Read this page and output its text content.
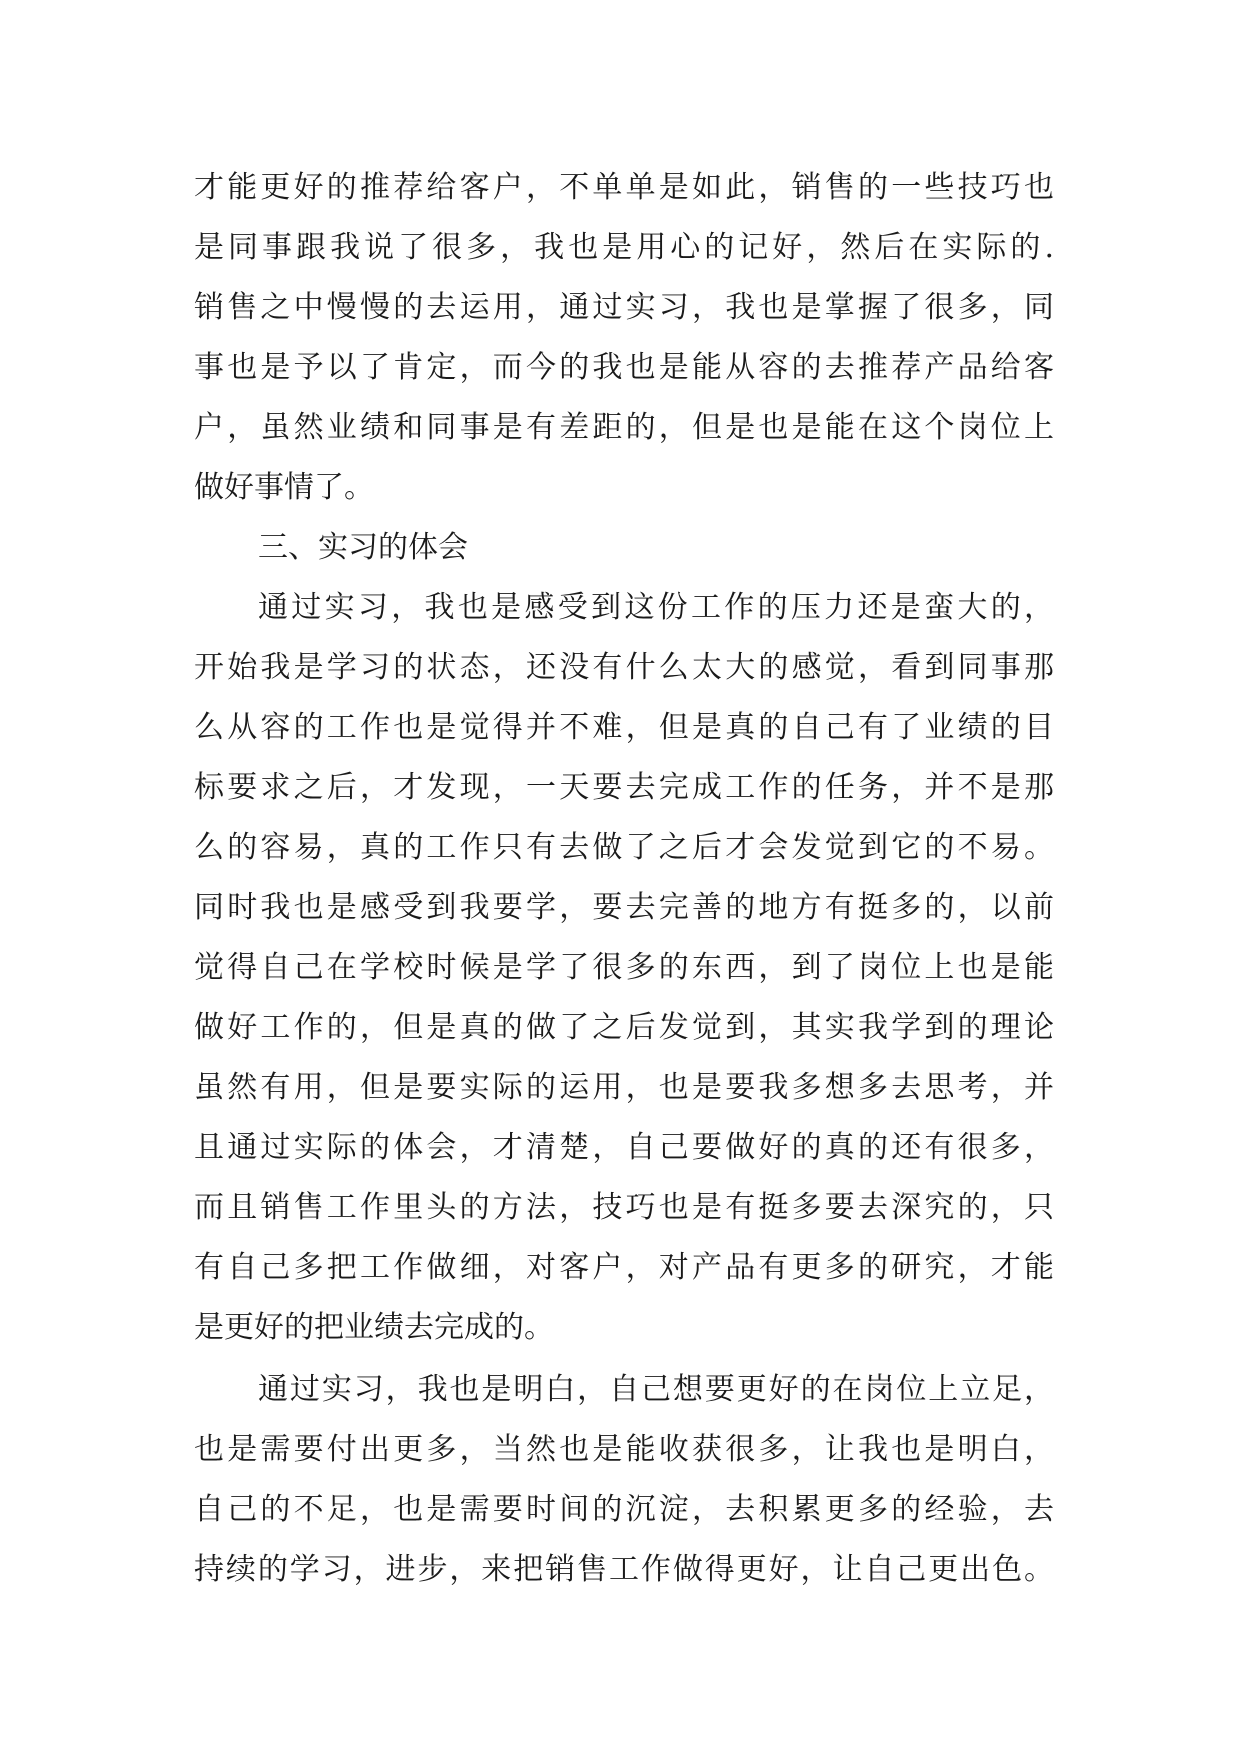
才能更好的推荐给客户，不单单是如此，销售的一些技巧也
是同事跟我说了很多，我也是用心的记好，然后在实际的.
销售之中慢慢的去运用，通过实习，我也是掌握了很多，同
事也是予以了肯定，而今的我也是能从容的去推荐产品给客
户，虽然业绩和同事是有差距的，但是也是能在这个岗位上
做好事情了。
三、实习的体会
通过实习，我也是感受到这份工作的压力还是蛮大的，
开始我是学习的状态，还没有什么太大的感觉，看到同事那
么从容的工作也是觉得并不难，但是真的自己有了业绩的目
标要求之后，才发现，一天要去完成工作的任务，并不是那
么的容易，真的工作只有去做了之后才会发觉到它的不易。
同时我也是感受到我要学，要去完善的地方有挺多的，以前
觉得自己在学校时候是学了很多的东西，到了岗位上也是能
做好工作的，但是真的做了之后发觉到，其实我学到的理论
虽然有用，但是要实际的运用，也是要我多想多去思考，并
且通过实际的体会，才清楚，自己要做好的真的还有很多，
而且销售工作里头的方法，技巧也是有挺多要去深究的，只
有自己多把工作做细，对客户，对产品有更多的研究，才能
是更好的把业绩去完成的。
通过实习，我也是明白，自己想要更好的在岗位上立足，
也是需要付出更多，当然也是能收获很多，让我也是明白，
自己的不足，也是需要时间的沉淀，去积累更多的经验，去
持续的学习，进步，来把销售工作做得更好，让自己更出色。
